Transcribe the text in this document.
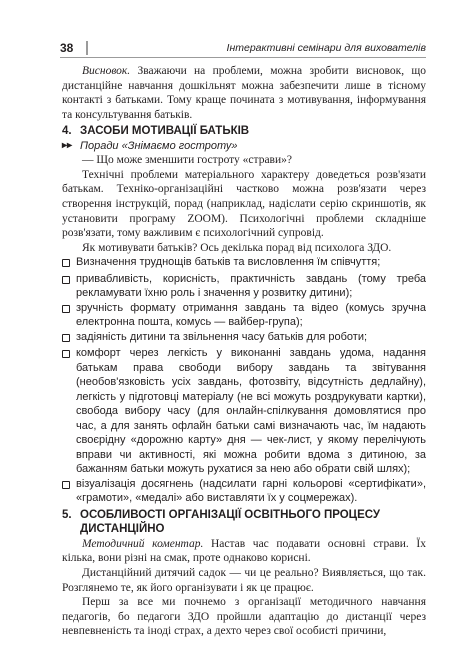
38	Інтерактивні семінари для вихователів

Висновок. Зважаючи на проблеми, можна зробити висновок, що дистанційне навчання дошкільнят можна забезпечити лише в тісному контакті з батьками. Тому краще почината з мотивування, інформування та консультування батьків.

4. ЗАСОБИ МОТИВАЦІЇ БАТЬКІВ
▸▸ Поради «Знімаємо гостроту»

— Що може зменшити гостроту «страви»?

Технічні проблеми матеріального характеру доведеться розв'язати батькам. Техніко-організаційні частково можна розв'язати через створення інструкцій, порад (наприклад, надіслати серію скриншотів, як установити програму ZOOM). Психологічні проблеми складніше розв'язати, тому важливим є психологічний супровід.

Як мотивувати батьків? Ось декілька порад від психолога ЗДО.

Визначення труднощів батьків та висловлення їм співчуття;
привабливість, корисність, практичність завдань (тому треба рекламувати їхню роль і значення у розвитку дитини);
зручність формату отримання завдань та відео (комусь зручна електронна пошта, комусь — вайбер-група);
задіяність дитини та звільнення часу батьків для роботи;
комфорт через легкість у виконанні завдань удома, надання батькам права свободи вибору завдань та звітування (необов'язковість усіх завдань, фотозвіту, відсутність дедлайну), легкість у підготовці матеріалу (не всі можуть роздрукувати картки), свобода вибору часу (для онлайн-спілкування домовлятися про час, а для занять офлайн батьки самі визначають час, їм надають своєрідну «дорожню карту» дня — чек-лист, у якому перелічують вправи чи активності, які можна робити вдома з дитиною, за бажанням батьки можуть рухатися за нею або обрати свій шлях);
візуалізація досягнень (надсилати гарні кольорові «сертифікати», «грамоти», «медалі» або виставляти їх у соцмережах).
5. ОСОБЛИВОСТІ ОРГАНІЗАЦІЇ ОСВІТНЬОГО ПРОЦЕСУ
ДИСТАНЦІЙНО

Методичний коментар. Настав час подавати основні страви. Їх кілька, вони різні на смак, проте однаково корисні.

Дистанційний дитячий садок — чи це реально? Виявляється, що так. Розглянемо те, як його організувати і як це працює.

Перш за все ми почнемо з організації методичного навчання педагогів, бо педагоги ЗДО пройшли адаптацію до дистанції через невпевненість та іноді страх, а дехто через свої особисті причини,
